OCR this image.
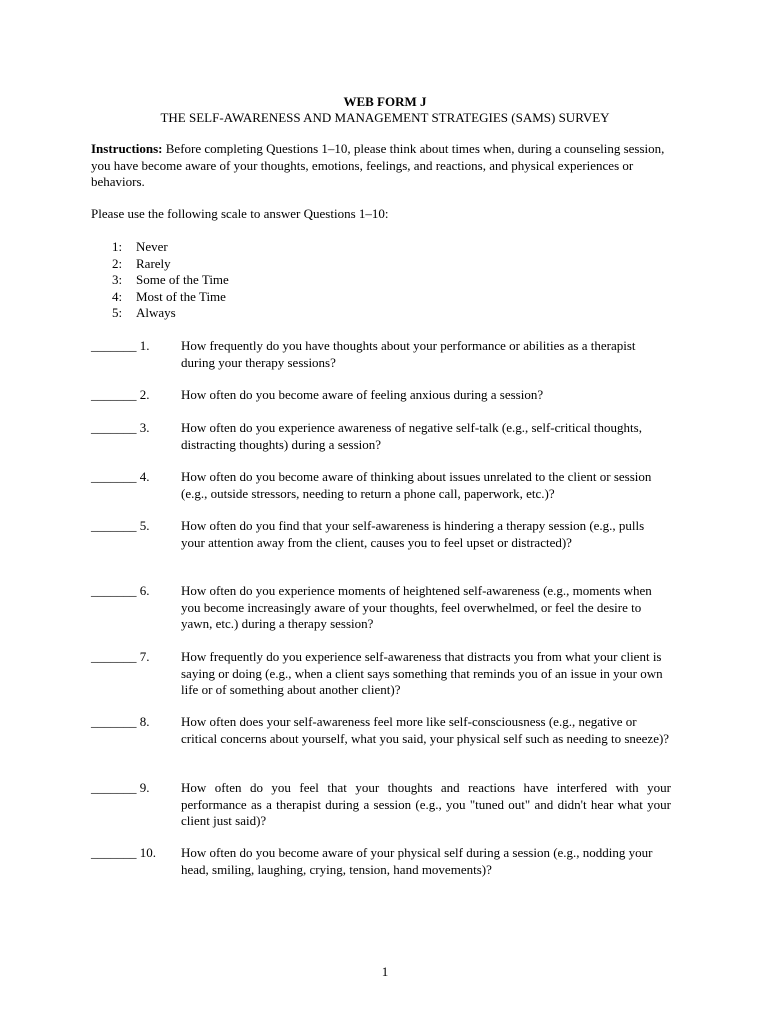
WEB FORM J
THE SELF-AWARENESS AND MANAGEMENT STRATEGIES (SAMS) SURVEY
Instructions: Before completing Questions 1–10, please think about times when, during a counseling session, you have become aware of your thoughts, emotions, feelings, and reactions, and physical experiences or behaviors.
Please use the following scale to answer Questions 1–10:
1:	Never
2:	Rarely
3:	Some of the Time
4:	Most of the Time
5:	Always
_______ 1.	How frequently do you have thoughts about your performance or abilities as a therapist during your therapy sessions?
_______ 2.	How often do you become aware of feeling anxious during a session?
_______ 3.	How often do you experience awareness of negative self-talk (e.g., self-critical thoughts, distracting thoughts) during a session?
_______ 4.	How often do you become aware of thinking about issues unrelated to the client or session (e.g., outside stressors, needing to return a phone call, paperwork, etc.)?
_______ 5.	How often do you find that your self-awareness is hindering a therapy session (e.g., pulls your attention away from the client, causes you to feel upset or distracted)?
_______ 6.	How often do you experience moments of heightened self-awareness (e.g., moments when you become increasingly aware of your thoughts, feel overwhelmed, or feel the desire to yawn, etc.) during a therapy session?
_______ 7.	How frequently do you experience self-awareness that distracts you from what your client is saying or doing (e.g., when a client says something that reminds you of an issue in your own life or of something about another client)?
_______ 8.	How often does your self-awareness feel more like self-consciousness (e.g., negative or critical concerns about yourself, what you said, your physical self such as needing to sneeze)?
_______ 9.	How often do you feel that your thoughts and reactions have interfered with your performance as a therapist during a session (e.g., you "tuned out" and didn't hear what your client just said)?
_______ 10.	How often do you become aware of your physical self during a session (e.g., nodding your head, smiling, laughing, crying, tension, hand movements)?
1
